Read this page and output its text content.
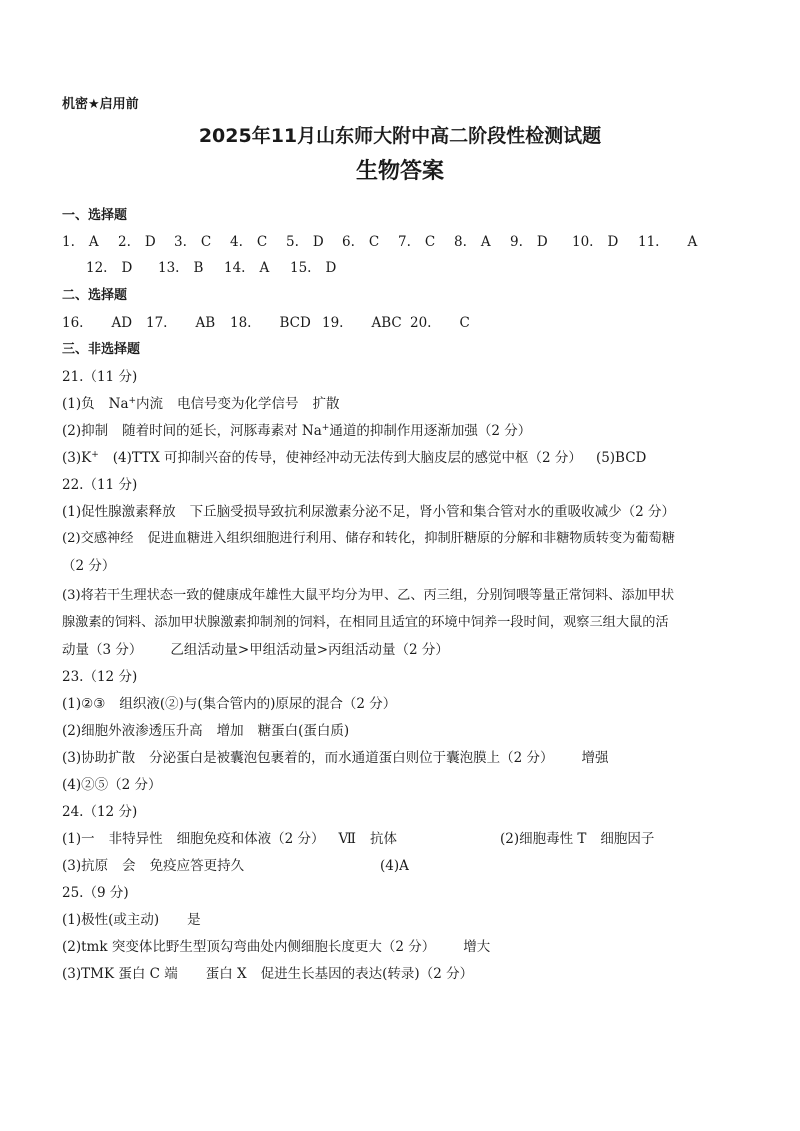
机密★启用前
2025年11月山东师大附中高二阶段性检测试题
生物答案
一、选择题
1. A 2. D 3. C 4. C 5. D 6. C 7. C 8. A 9. D 10. D 11. A
12. D 13. B 14. A 15. D
二、选择题
16. AD 17. AB 18. BCD 19. ABC 20. C
三、非选择题
21.（11 分)
(1)负 Na+内流 电信号变为化学信号 扩散
(2)抑制 随着时间的延长，河豚毒素对 Na+通道的抑制作用逐渐加强（2 分）
(3)K+ (4)TTX 可抑制兴奋的传导，使神经冲动无法传到大脑皮层的感觉中枢（2 分） (5)BCD
22.（11 分)
(1)促性腺激素释放 下丘脑受损导致抗利尿激素分泌不足，肾小管和集合管对水的重吸收减少（2 分）
(2)交感神经 促进血糖进入组织细胞进行利用、储存和转化，抑制肝糖原的分解和非糖物质转变为葡萄糖
（2 分）
(3)将若干生理状态一致的健康成年雄性大鼠平均分为甲、乙、丙三组，分别饲喂等量正常饲料、添加甲状
腺激素的饲料、添加甲状腺激素抑制剂的饲料，在相同且适宜的环境中饲养一段时间，观察三组大鼠的活
动量（3 分） 乙组活动量>甲组活动量>丙组活动量（2 分）
23.（12 分)
(1)②③ 组织液(②)与(集合管内的)原尿的混合（2 分）
(2)细胞外液渗透压升高 增加 糖蛋白(蛋白质)
(3)协助扩散 分泌蛋白是被囊泡包裹着的，而水通道蛋白则位于囊泡膜上（2 分） 增强
(4)②⑤（2 分）
24.（12 分)
(1)一 非特异性 细胞免疫和体液（2 分） Ⅶ 抗体	(2)细胞毒性 T 细胞因子
(3)抗原 会 免疫应答更持久	(4)A
25.（9 分)
(1)极性(或主动) 是
(2)tmk 突变体比野生型顶勾弯曲处内侧细胞长度更大（2 分） 增大
(3)TMK 蛋白 C 端 蛋白 X 促进生长基因的表达(转录)（2 分）
